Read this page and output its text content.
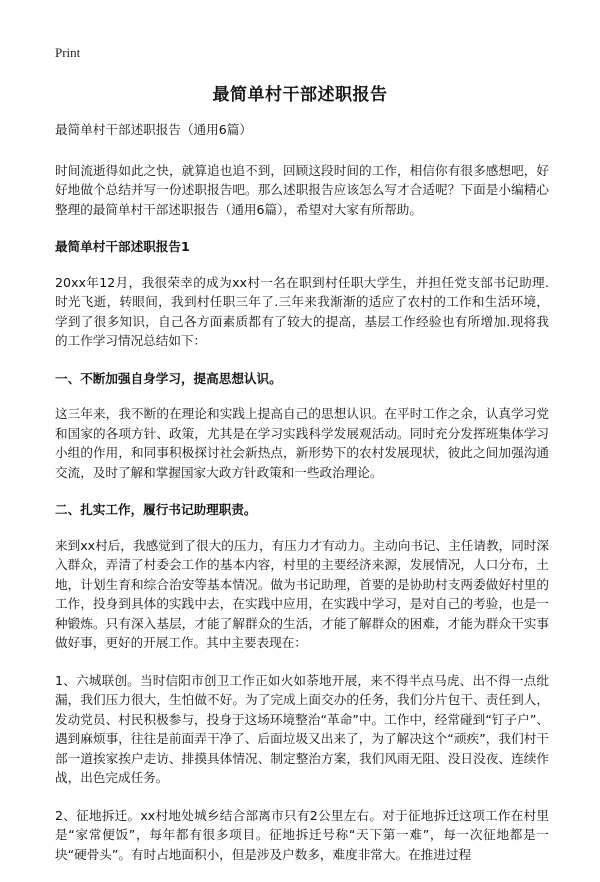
Print
最简单村干部述职报告
最简单村干部述职报告（通用6篇）

时间流逝得如此之快，就算追也追不到，回顾这段时间的工作，相信你有很多感想吧，好好地做个总结并写一份述职报告吧。那么述职报告应该怎么写才合适呢？下面是小编精心整理的最简单村干部述职报告（通用6篇），希望对大家有所帮助。

最简单村干部述职报告1

20xx年12月，我很荣幸的成为xx村一名在职到村任职大学生，并担任党支部书记助理.时光飞逝，转眼间，我到村任职三年了.三年来我渐渐的适应了农村的工作和生活环境，学到了很多知识，自己各方面素质都有了较大的提高，基层工作经验也有所增加.现将我的工作学习情况总结如下：

一、不断加强自身学习，提高思想认识。

这三年来，我不断的在理论和实践上提高自己的思想认识。在平时工作之余，认真学习党和国家的各项方针、政策，尤其是在学习实践科学发展观活动。同时充分发挥班集体学习小组的作用，和同事积极探讨社会新热点，新形势下的农村发展现状，彼此之间加强沟通交流，及时了解和掌握国家大政方针政策和一些政治理论。

二、扎实工作，履行书记助理职责。

来到xx村后，我感觉到了很大的压力，有压力才有动力。主动向书记、主任请教，同时深入群众，弄清了村委会工作的基本内容，村里的主要经济来源，发展情况，人口分布，土地，计划生育和综合治安等基本情况。做为书记助理，首要的是协助村支两委做好村里的工作，投身到具体的实践中去，在实践中应用，在实践中学习，是对自己的考验，也是一种锻炼。只有深入基层，才能了解群众的生活，才能了解群众的困难，才能为群众干实事做好事，更好的开展工作。其中主要表现在：

1、六城联创。当时信阳市创卫工作正如火如荼地开展，来不得半点马虎、出不得一点纰漏，我们压力很大，生怕做不好。为了完成上面交办的任务，我们分片包干、责任到人，发动党员、村民积极参与，投身于这场环境整治“革命”中。工作中，经常碰到“钉子户”、遇到麻烦事，往往是前面弄干净了、后面垃圾又出来了，为了解决这个“顽疾”，我们村干部一道挨家挨户走访、排摸具体情况、制定整治方案，我们风雨无阻、没日没夜、连续作战，出色完成任务。

2、征地拆迁。xx村地处城乡结合部离市只有2公里左右。对于征地拆迁这项工作在村里是“家常便饭”，每年都有很多项目。征地拆迁号称“天下第一难”，每一次征地都是一块“硬骨头”。有时占地面积小，但是涉及户数多，难度非常大。在推进过程
